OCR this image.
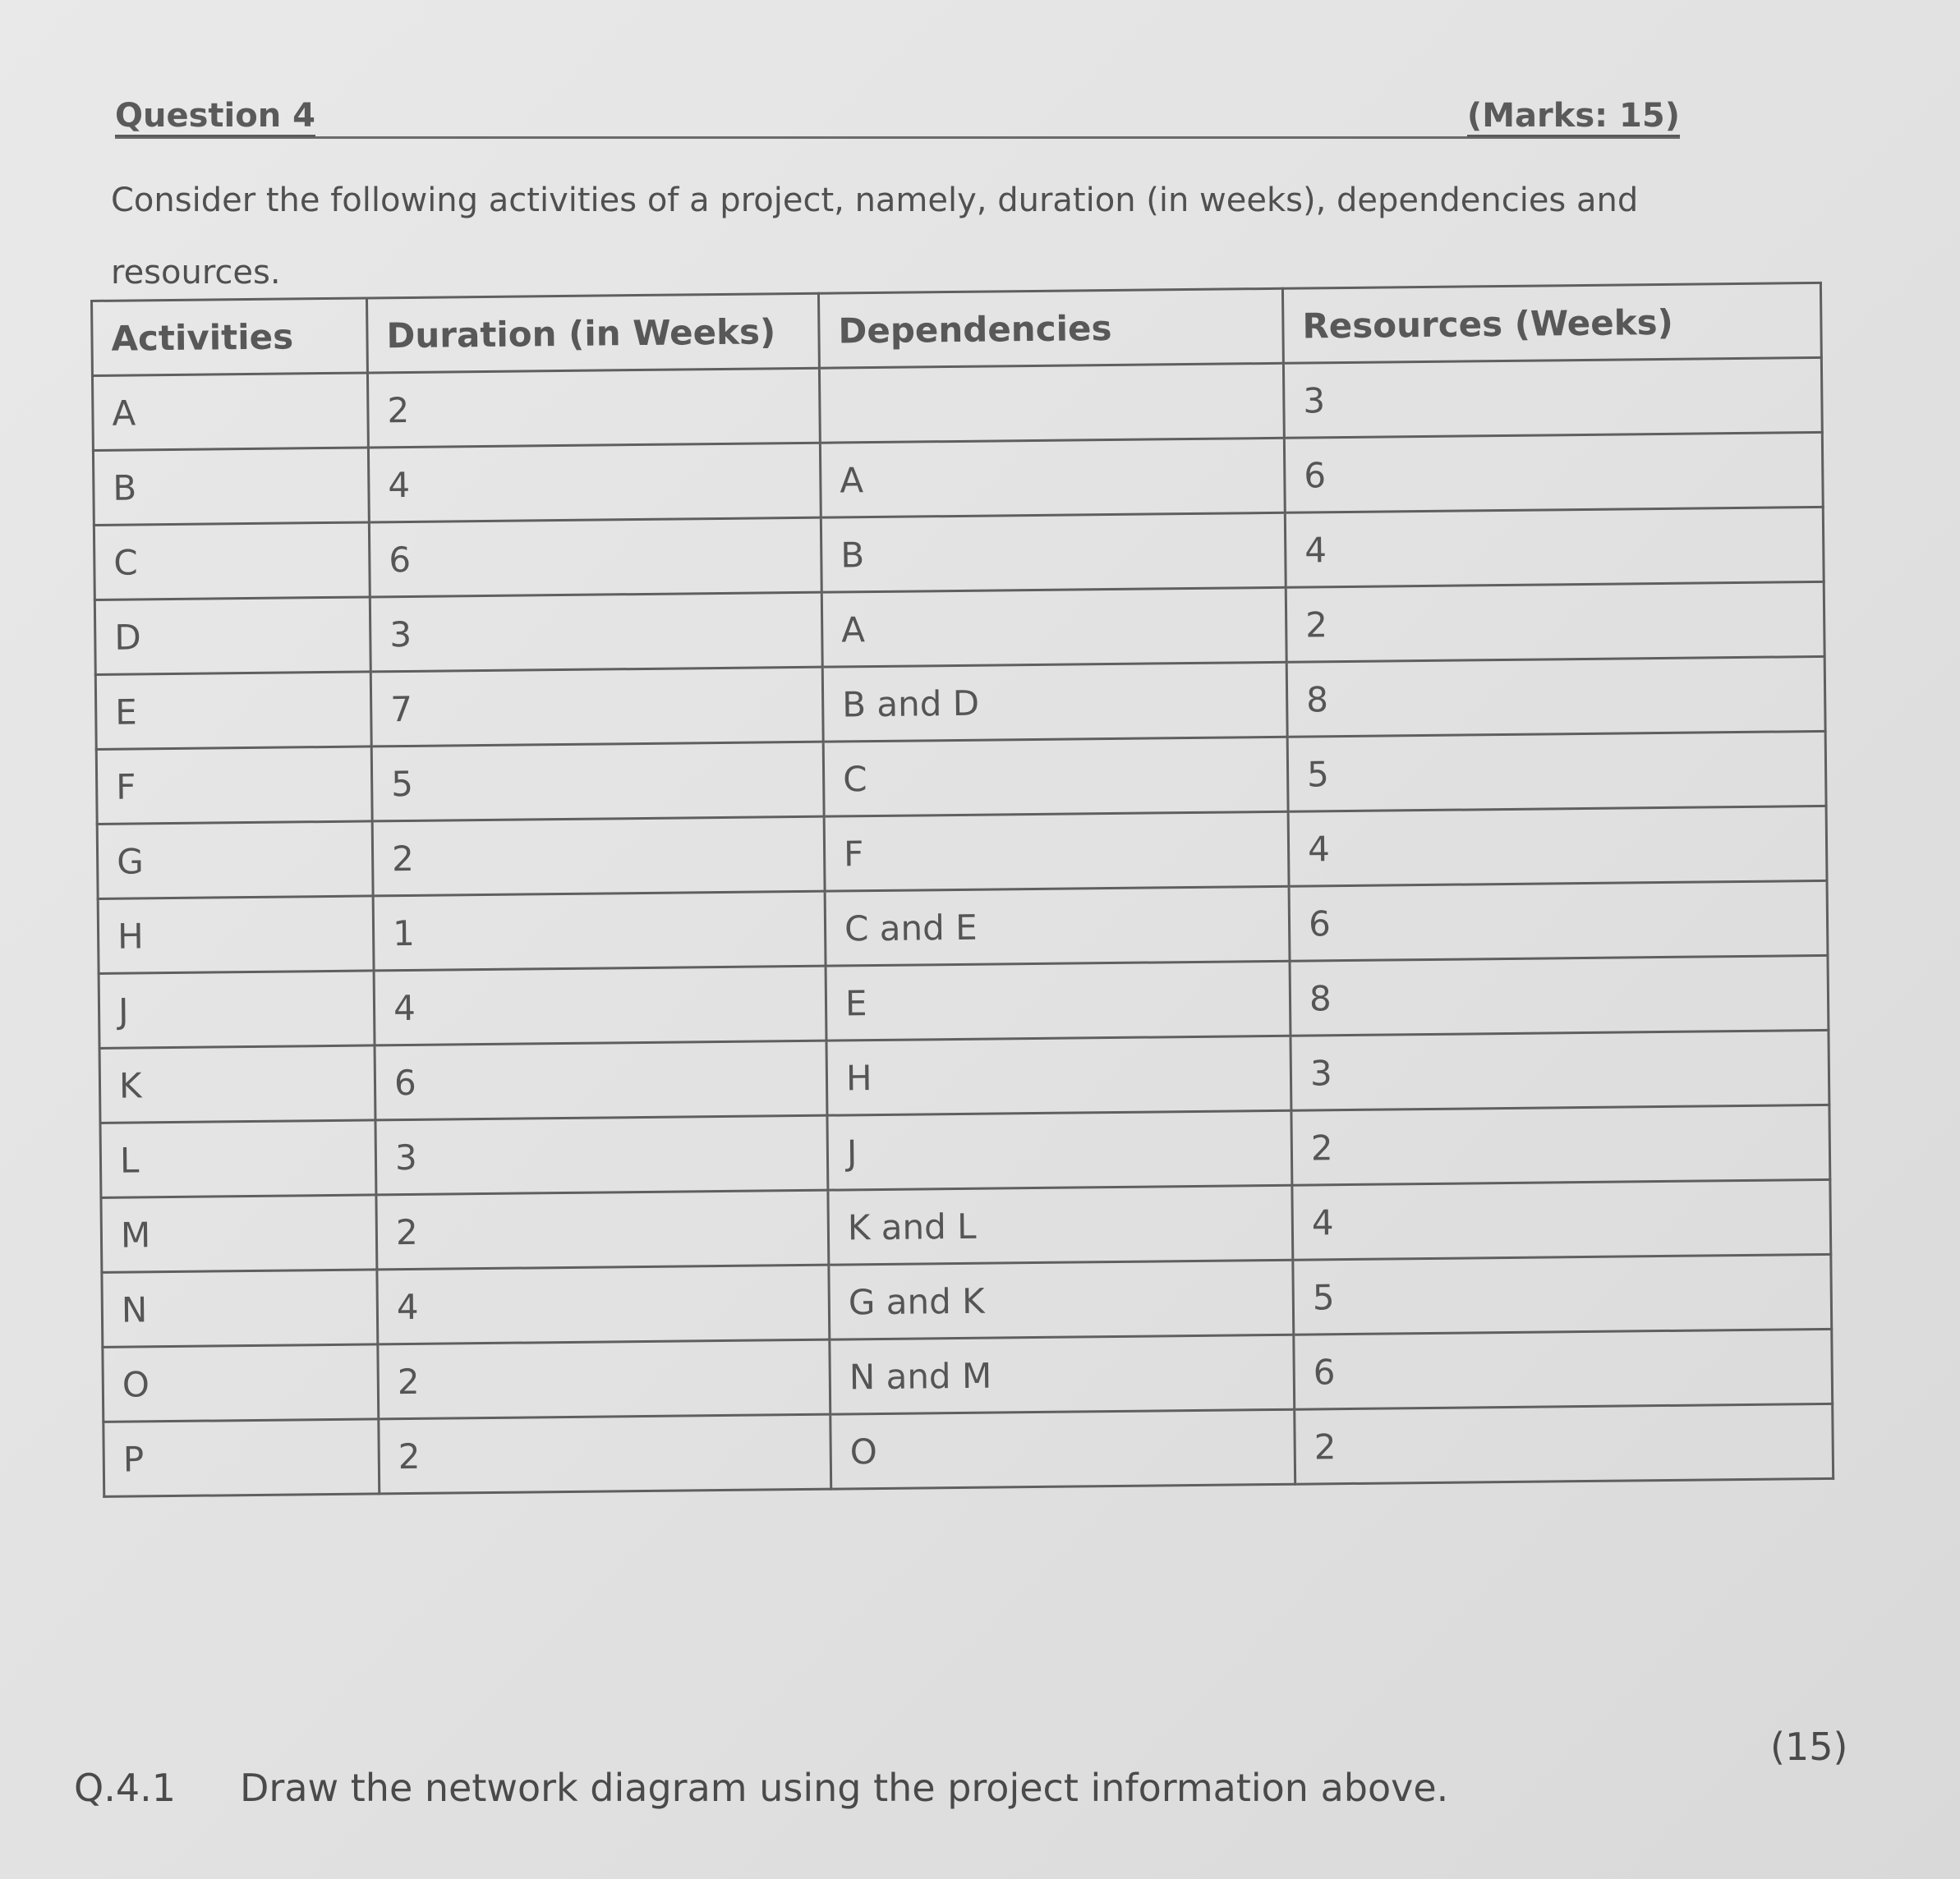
Question 4	(Marks: 15)
Consider the following activities of a project, namely, duration (in weeks), dependencies and
resources.
Activities	Duration (in Weeks)	Dependencies	Resources (Weeks)
A	2		3
B	4	A	6
C	6	B	4
D	3	A	2
E	7	B and D	8
F	5	C	5
G	2	F	4
H	1	C and E	6
J	4	E	8
K	6	H	3
L	3	J	2
M	2	K and L	4
N	4	G and K	5
O	2	N and M	6
P	2	O	2
Q.4.1 Draw the network diagram using the project information above.
(15)
